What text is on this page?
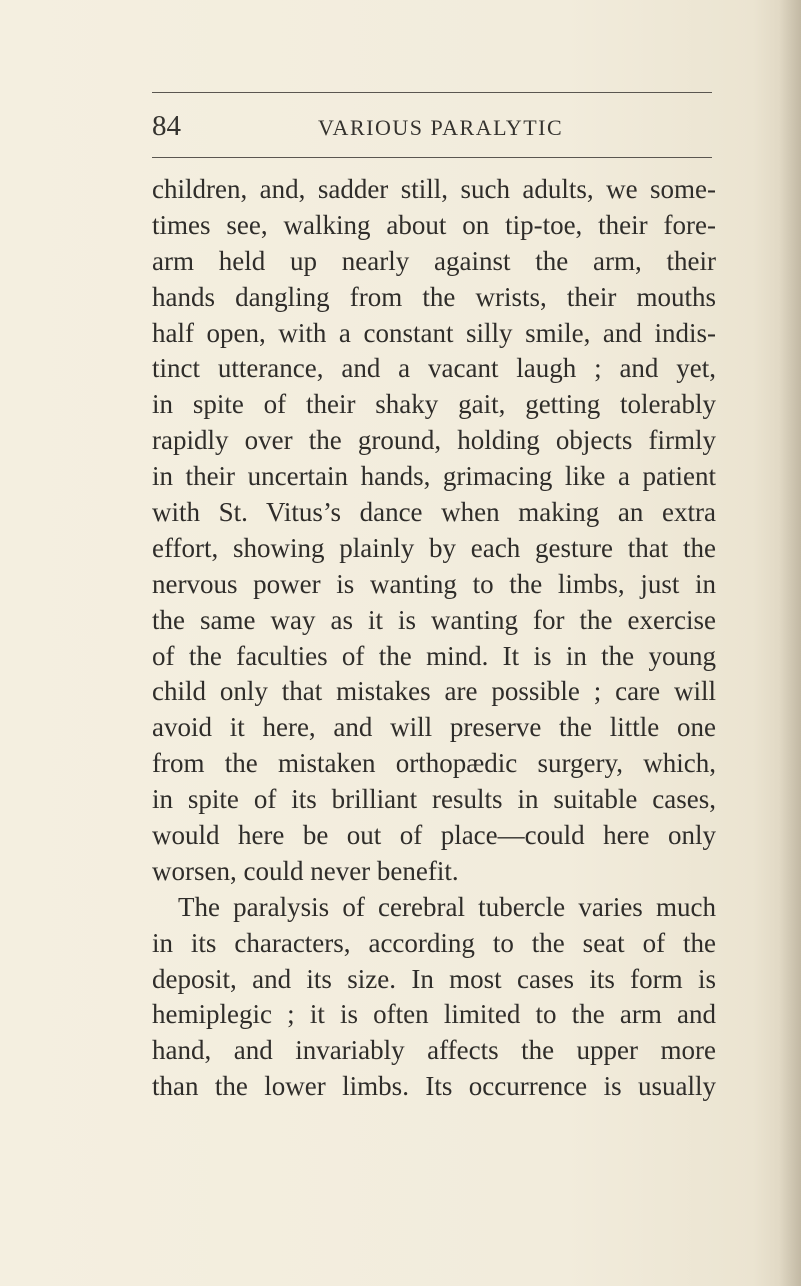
84	VARIOUS PARALYTIC
children, and, sadder still, such adults, we some-
times see, walking about on tip-toe, their fore-
arm held up nearly against the arm, their
hands dangling from the wrists, their mouths
half open, with a constant silly smile, and indis-
tinct utterance, and a vacant laugh ; and yet,
in spite of their shaky gait, getting tolerably
rapidly over the ground, holding objects firmly
in their uncertain hands, grimacing like a patient
with St. Vitus’s dance when making an extra
effort, showing plainly by each gesture that the
nervous power is wanting to the limbs, just in
the same way as it is wanting for the exercise
of the faculties of the mind. It is in the young
child only that mistakes are possible ; care will
avoid it here, and will preserve the little one
from the mistaken orthopædic surgery, which,
in spite of its brilliant results in suitable cases,
would here be out of place—could here only
worsen, could never benefit.
The paralysis of cerebral tubercle varies much
in its characters, according to the seat of the
deposit, and its size. In most cases its form is
hemiplegic ; it is often limited to the arm and
hand, and invariably affects the upper more
than the lower limbs. Its occurrence is usually
